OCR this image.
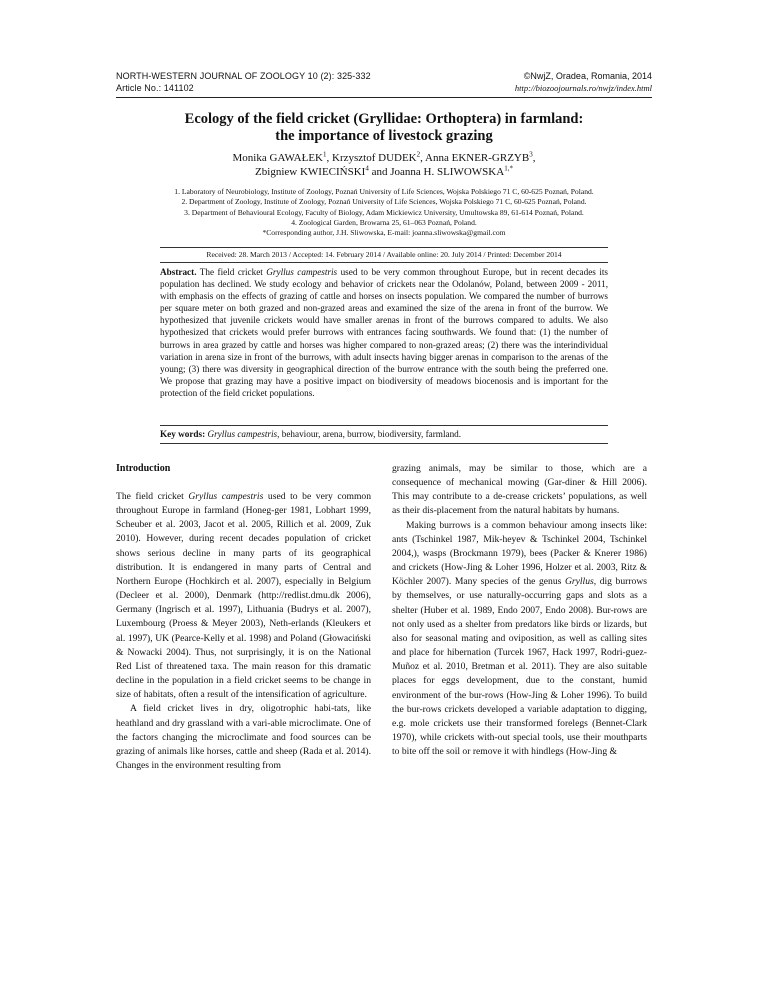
NORTH-WESTERN JOURNAL OF ZOOLOGY 10 (2): 325-332
Article No.: 141102
©NwjZ, Oradea, Romania, 2014
http://biozoojournals.ro/nwjz/index.html
Ecology of the field cricket (Gryllidae: Orthoptera) in farmland:
the importance of livestock grazing
Monika GAWAŁEK$^1$, Krzysztof DUDEK$^2$, Anna EKNER-GRZYB$^3$,
Zbigniew KWIECIŃSKI$^4$ and Joanna H. $SLIWOWSKA^{1,*}$
1. Laboratory of Neurobiology, Institute of Zoology, Poznań University of Life Sciences, Wojska Polskiego 71 C, 60-625 Poznań, Poland.
2. Department of Zoology, Institute of Zoology, Poznań University of Life Sciences, Wojska Polskiego 71 C, 60-625 Poznań, Poland.
3. Department of Behavioural Ecology, Faculty of Biology, Adam Mickiewicz University, Umultowska 89, 61-614 Poznań, Poland.
4. Zoological Garden, Browarna 25, 61–063 Poznań, Poland.
*Corresponding author, J.H. Sliwowska, E-mail: joanna.sliwowska@gmail.com
Received: 28. March 2013 / Accepted: 14. February 2014 / Available online: 20. July 2014 / Printed: December 2014
Abstract. The field cricket Gryllus campestris used to be very common throughout Europe, but in recent decades its population has declined. We study ecology and behavior of crickets near the Odolanów, Poland, between 2009 - 2011, with emphasis on the effects of grazing of cattle and horses on insects population. We compared the number of burrows per square meter on both grazed and non-grazed areas and examined the size of the arena in front of the burrow. We hypothesized that juvenile crickets would have smaller arenas in front of the burrows compared to adults. We also hypothesized that crickets would prefer burrows with entrances facing southwards. We found that: (1) the number of burrows in area grazed by cattle and horses was higher compared to non-grazed areas; (2) there was the interindividual variation in arena size in front of the burrows, with adult insects having bigger arenas in comparison to the arenas of the young; (3) there was diversity in geographical direction of the burrow entrance with the south being the preferred one. We propose that grazing may have a positive impact on biodiversity of meadows biocenosis and is important for the protection of the field cricket populations.
Key words: Gryllus campestris, behaviour, arena, burrow, biodiversity, farmland.
Introduction

The field cricket Gryllus campestris used to be very common throughout Europe in farmland (Honeg-ger 1981, Lobhart 1999, Scheuber et al. 2003, Jacot et al. 2005, Rillich et al. 2009, Zuk 2010). However, during recent decades population of cricket shows serious decline in many parts of its geographical distribution. It is endangered in many parts of Central and Northern Europe (Hochkirch et al. 2007), especially in Belgium (Decleer et al. 2000), Denmark (http://redlist.dmu.dk 2006), Germany (Ingrisch et al. 1997), Lithuania (Budrys et al. 2007), Luxembourg (Proess & Meyer 2003), Neth-erlands (Kleukers et al. 1997), UK (Pearce-Kelly et al. 1998) and Poland (Głowaciński & Nowacki 2004). Thus, not surprisingly, it is on the National Red List of threatened taxa. The main reason for this dramatic decline in the population in a field cricket seems to be change in size of habitats, often a result of the intensification of agriculture.

A field cricket lives in dry, oligotrophic habi-tats, like heathland and dry grassland with a vari-able microclimate. One of the factors changing the microclimate and food sources can be grazing of animals like horses, cattle and sheep (Rada et al. 2014). Changes in the environment resulting from

grazing animals, may be similar to those, which are a consequence of mechanical mowing (Gar-diner & Hill 2006). This may contribute to a de-crease crickets’ populations, as well as their dis-placement from the natural habitats by humans.

Making burrows is a common behaviour among insects like: ants (Tschinkel 1987, Mik-heyev & Tschinkel 2004, Tschinkel 2004,), wasps (Brockmann 1979), bees (Packer & Knerer 1986) and crickets (How-Jing & Loher 1996, Holzer et al. 2003, Ritz & Köchler 2007). Many species of the genus Gryllus, dig burrows by themselves, or use naturally-occurring gaps and slots as a shelter (Huber et al. 1989, Endo 2007, Endo 2008). Bur-rows are not only used as a shelter from predators like birds or lizards, but also for seasonal mating and oviposition, as well as calling sites and place for hibernation (Turcek 1967, Hack 1997, Rodri-guez-Muñoz et al. 2010, Bretman et al. 2011). They are also suitable places for eggs development, due to the constant, humid environment of the bur-rows (How-Jing & Loher 1996). To build the bur-rows crickets developed a variable adaptation to digging, e.g. mole crickets use their transformed forelegs (Bennet-Clark 1970), while crickets with-out special tools, use their mouthparts to bite off the soil or remove it with hindlegs (How-Jing &
